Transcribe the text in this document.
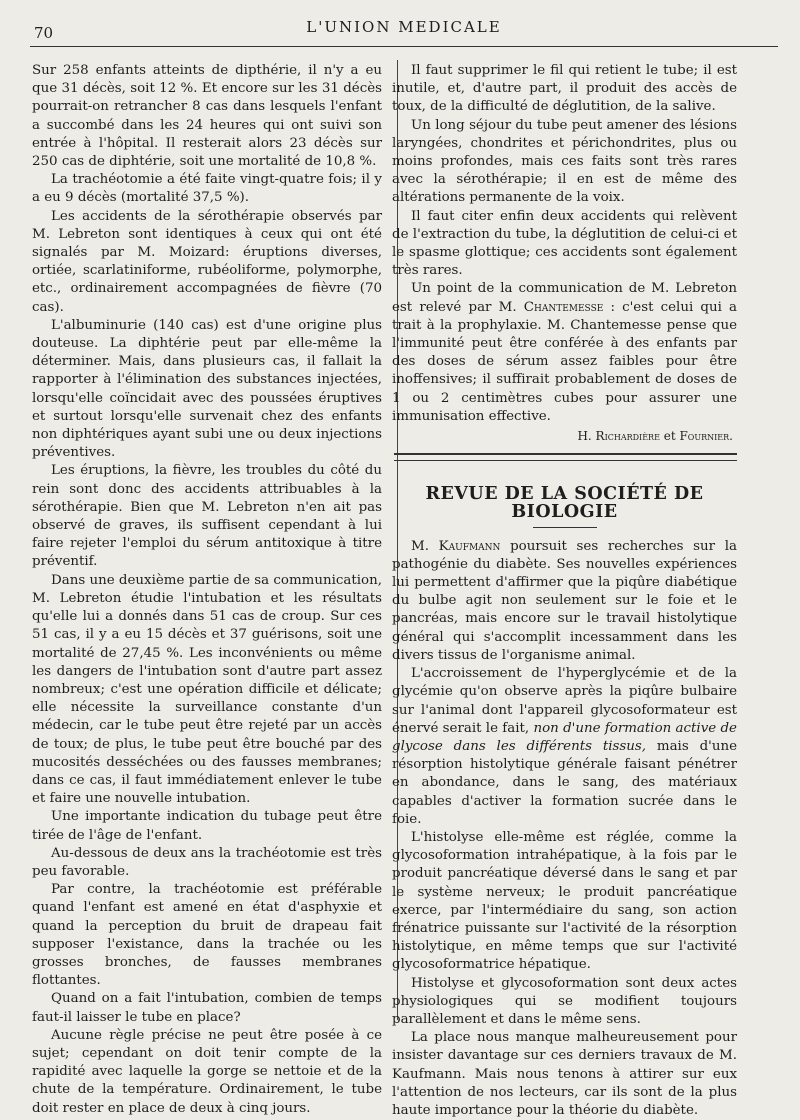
70	L'UNION MEDICALE

Sur 258 enfants atteints de dipthérie, il n'y a eu que 31 décès, soit 12 %. Et encore sur les 31 décès pourrait-on retrancher 8 cas dans lesquels l'enfant a succombé dans les 24 heures qui ont suivi son entrée à l'hôpital. Il resterait alors 23 décès sur 250 cas de diphtérie, soit une mortalité de 10,8 %.

La trachéotomie a été faite vingt-quatre fois; il y a eu 9 décès (mortalité 37,5 %).

Les accidents de la sérothérapie observés par M. Lebreton sont identiques à ceux qui ont été signalés par M. Moizard: éruptions diverses, ortiée, scarlatiniforme, rubéoliforme, polymorphe, etc., ordinairement accompagnées de fièvre (70 cas).

L'albuminurie (140 cas) est d'une origine plus douteuse. La diphtérie peut par elle-même la déterminer. Mais, dans plusieurs cas, il fallait la rapporter à l'élimination des substances injectées, lorsqu'elle coïncidait avec des poussées éruptives et surtout lorsqu'elle survenait chez des enfants non diphtériques ayant subi une ou deux injections préventives.

Les éruptions, la fièvre, les troubles du côté du rein sont donc des accidents attribuables à la sérothérapie. Bien que M. Lebreton n'en ait pas observé de graves, ils suffisent cependant à lui faire rejeter l'emploi du sérum antitoxique à titre préventif.

Dans une deuxième partie de sa communication, M. Lebreton étudie l'intubation et les résultats qu'elle lui a donnés dans 51 cas de croup. Sur ces 51 cas, il y a eu 15 décès et 37 guérisons, soit une mortalité de 27,45 %. Les inconvénients ou même les dangers de l'intubation sont d'autre part assez nombreux; c'est une opération difficile et délicate; elle nécessite la surveillance constante d'un médecin, car le tube peut être rejeté par un accès de toux; de plus, le tube peut être bouché par des mucosités desséchées ou des fausses membranes; dans ce cas, il faut immédiatement enlever le tube et faire une nouvelle intubation.

Une importante indication du tubage peut être tirée de l'âge de l'enfant.

Au-dessous de deux ans la trachéotomie est très peu favorable.

Par contre, la trachéotomie est préférable quand l'enfant est amené en état d'asphyxie et quand la perception du bruit de drapeau fait supposer l'existance, dans la trachée ou les grosses bronches, de fausses membranes flottantes.

Quand on a fait l'intubation, combien de temps faut-il laisser le tube en place?

Aucune règle précise ne peut être posée à ce sujet; cependant on doit tenir compte de la rapidité avec laquelle la gorge se nettoie et de la chute de la température. Ordinairement, le tube doit rester en place de deux à cinq jours.

Il faut supprimer le fil qui retient le tube; il est inutile, et, d'autre part, il produit des accès de toux, de la difficulté de déglutition, de la salive.

Un long séjour du tube peut amener des lésions laryngées, chondrites et périchondrites, plus ou moins profondes, mais ces faits sont très rares avec la sérothérapie; il en est de même des altérations permanente de la voix.

Il faut citer enfin deux accidents qui relèvent de l'extraction du tube, la déglutition de celui-ci et le spasme glottique; ces accidents sont également très rares.

Un point de la communication de M. Lebreton est relevé par M. Chantemesse : c'est celui qui a trait à la prophylaxie. M. Chantemesse pense que l'immunité peut être conférée à des enfants par des doses de sérum assez faibles pour être inoffensives; il suffirait probablement de doses de 1 ou 2 centimètres cubes pour assurer une immunisation effective.

H. Richardière et Fournier.
REVUE DE LA SOCIÉTÉ DE BIOLOGIE

M. Kaufmann poursuit ses recherches sur la pathogénie du diabète. Ses nouvelles expériences lui permettent d'affirmer que la piqûre diabétique du bulbe agit non seulement sur le foie et le pancréas, mais encore sur le travail histolytique général qui s'accomplit incessamment dans les divers tissus de l'organisme animal.

L'accroissement de l'hyperglycémie et de la glycémie qu'on observe après la piqûre bulbaire sur l'animal dont l'appareil glycosoformateur est énervé serait le fait, non d'une formation active de glycose dans les différents tissus, mais d'une résorption histolytique générale faisant pénétrer en abondance, dans le sang, des matériaux capables d'activer la formation sucrée dans le foie.

L'histolyse elle-même est réglée, comme la glycosoformation intrahépatique, à la fois par le produit pancréatique déversé dans le sang et par le système nerveux; le produit pancréatique exerce, par l'intermédiaire du sang, son action frénatrice puissante sur l'activité de la résorption histolytique, en même temps que sur l'activité glycosoformatrice hépatique.

Histolyse et glycosoformation sont deux actes physiologiques qui se modifient toujours parallèlement et dans le même sens.

La place nous manque malheureusement pour insister davantage sur ces derniers travaux de M. Kaufmann. Mais nous tenons à attirer sur eux l'attention de nos lecteurs, car ils sont de la plus haute importance pour la théorie du diabète.
